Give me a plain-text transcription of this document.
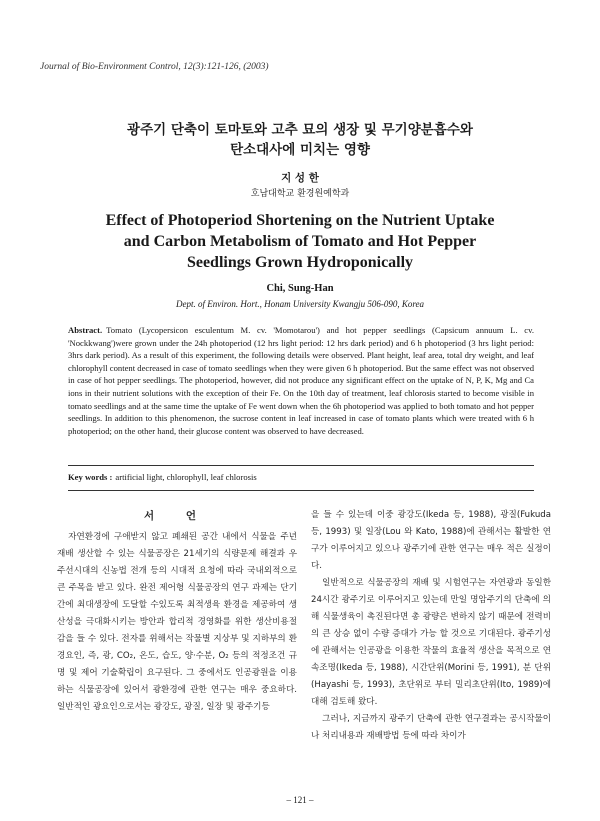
Journal of Bio-Environment Control, 12(3):121-126, (2003)
광주기 단축이 토마토와 고추 묘의 생장 및 무기양분흡수와
탄소대사에 미치는 영향
지 성 한
호남대학교 환경원예학과
Effect of Photoperiod Shortening on the Nutrient Uptake
and Carbon Metabolism of Tomato and Hot Pepper
Seedlings Grown Hydroponically
Chi, Sung-Han
Dept. of Environ. Hort., Honam University Kwangju 506-090, Korea

Abstract. Tomato (Lycopersicon esculentum M. cv. 'Momotarou') and hot pepper seedlings (Capsicum annuum L. cv. 'Nockkwang')were grown under the 24h photoperiod (12 hrs light period: 12 hrs dark period) and 6 h photoperiod (3 hrs light period: 3hrs dark period). As a result of this experiment, the following details were observed. Plant height, leaf area, total dry weight, and leaf chlorophyll content decreased in case of tomato seedlings when they were given 6 h photoperiod. But the same effect was not observed in case of hot pepper seedlings. The photoperiod, however, did not produce any significant effect on the uptake of N, P, K, Mg and Ca ions in their nutrient solutions with the exception of their Fe. On the 10th day of treatment, leaf chlorosis started to become visible in tomato seedlings and at the same time the uptake of Fe went down when the 6h photoperiod was applied to both tomato and hot pepper seedlings. In addition to this phenomenon, the sucrose content in leaf increased in case of tomato plants which were treated with 6 h photoperiod; on the other hand, their glucose content was observed to have decreased.

Key words : artificial light, chlorophyll, leaf chlorosis
서 언

자연환경에 구애받지 않고 폐쇄된 공간 내에서 식물을 주년 재배 생산할 수 있는 식물공장은 21세기의 식량문제 해결과 우주선시대의 신농법 전개 등의 시대적 요청에 따라 국내외적으로 큰 주목을 받고 있다. 완전 제어형 식물공장의 연구 과제는 단기간에 최대생장에 도달할 수있도록 최적생육 환경을 제공하여 생산성을 극대화시키는 방안과 합리적 경영화를 위한 생산비용절감을 들 수 있다. 전자를 위해서는 작물별 지상부 및 지하부의 환경요인, 즉, 광, CO₂, 온도, 습도, 양·수분, O₂ 등의 적정조건 규명 및 제어 기술확립이 요구된다. 그 중에서도 인공광원을 이용하는 식물공장에 있어서 광환경에 관한 연구는 매우 중요하다. 일반적인 광요인으로서는 광강도, 광질, 일장 및 광주기등

을 들 수 있는데 이중 광강도(Ikeda 등, 1988), 광질(Fukuda 등, 1993) 및 일장(Lou 와 Kato, 1988)에 관해서는 활발한 연구가 이루어지고 있으나 광주기에 관한 연구는 매우 적은 실정이다.

일반적으로 식물공장의 재배 및 시험연구는 자연광과 동일한 24시간 광주기로 이루어지고 있는데 만일 명암주기의 단축에 의해 식물생육이 촉진된다면 총 광량은 변하지 않기 때문에 전력비의 큰 상승 없이 수량 증대가 가능 할 것으로 기대된다. 광주기성에 관해서는 인공광을 이용한 작물의 효율적 생산을 목적으로 연속조명(Ikeda 등, 1988), 시간단위(Morini 등, 1991), 분 단위(Hayashi 등, 1993), 초단위로 부터 밀리초단위(Ito, 1989)에 대해 검토해 왔다.

그러나, 지금까지 광주기 단축에 관한 연구결과는 공시작물이나 처리내용과 재배방법 등에 따라 차이가

– 121 –
